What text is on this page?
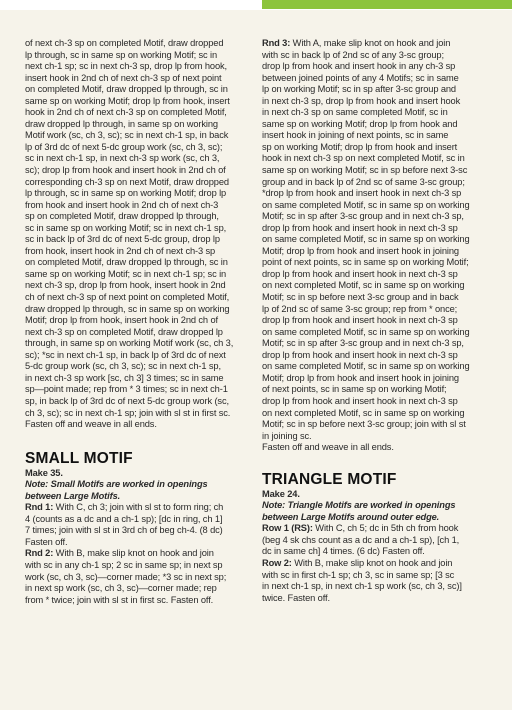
of next ch-3 sp on completed Motif, draw dropped
lp through, sc in same sp on working Motif; sc in
next ch-1 sp; sc in next ch-3 sp, drop lp from hook,
insert hook in 2nd ch of next ch-3 sp of next point
on completed Motif, draw dropped lp through, sc in
same sp on working Motif; drop lp from hook, insert
hook in 2nd ch of next ch-3 sp on completed Motif,
draw dropped lp through, in same sp on working
Motif work (sc, ch 3, sc); sc in next ch-1 sp, in back
lp of 3rd dc of next 5-dc group work (sc, ch 3, sc);
sc in next ch-1 sp, in next ch-3 sp work (sc, ch 3,
sc); drop lp from hook and insert hook in 2nd ch of
corresponding ch-3 sp on next Motif, draw dropped
lp through, sc in same sp on working Motif; drop lp
from hook and insert hook in 2nd ch of next ch-3
sp on completed Motif, draw dropped lp through,
sc in same sp on working Motif; sc in next ch-1 sp,
sc in back lp of 3rd dc of next 5-dc group, drop lp
from hook, insert hook in 2nd ch of next ch-3 sp
on completed Motif, draw dropped lp through, sc in
same sp on working Motif; sc in next ch-1 sp; sc in
next ch-3 sp, drop lp from hook, insert hook in 2nd
ch of next ch-3 sp of next point on completed Motif,
draw dropped lp through, sc in same sp on working
Motif; drop lp from hook, insert hook in 2nd ch of
next ch-3 sp on completed Motif, draw dropped lp
through, in same sp on working Motif work (sc, ch 3,
sc); *sc in next ch-1 sp, in back lp of 3rd dc of next
5-dc group work (sc, ch 3, sc); sc in next ch-1 sp,
in next ch-3 sp work [sc, ch 3] 3 times; sc in same
sp—point made; rep from * 3 times; sc in next ch-1
sp, in back lp of 3rd dc of next 5-dc group work (sc,
ch 3, sc); sc in next ch-1 sp; join with sl st in first sc.
Fasten off and weave in all ends.
SMALL MOTIF

Make 35.

Note: Small Motifs are worked in openings
between Large Motifs.
Rnd 1: With C, ch 3; join with sl st to form ring; ch
4 (counts as a dc and a ch-1 sp); [dc in ring, ch 1]
7 times; join with sl st in 3rd ch of beg ch-4. (8 dc)
Fasten off.
Rnd 2: With B, make slip knot on hook and join
with sc in any ch-1 sp; 2 sc in same sp; in next sp
work (sc, ch 3, sc)—corner made; *3 sc in next sp;
in next sp work (sc, ch 3, sc)—corner made; rep
from * twice; join with sl st in first sc. Fasten off.
Rnd 3: With A, make slip knot on hook and join
with sc in back lp of 2nd sc of any 3-sc group;
drop lp from hook and insert hook in any ch-3 sp
between joined points of any 4 Motifs; sc in same
lp on working Motif; sc in sp after 3-sc group and
in next ch-3 sp, drop lp from hook and insert hook
in next ch-3 sp on same completed Motif, sc in
same sp on working Motif; drop lp from hook and
insert hook in joining of next points, sc in same
sp on working Motif; drop lp from hook and insert
hook in next ch-3 sp on next completed Motif, sc in
same sp on working Motif; sc in sp before next 3-sc
group and in back lp of 2nd sc of same 3-sc group;
*drop lp from hook and insert hook in next ch-3 sp
on same completed Motif, sc in same sp on working
Motif; sc in sp after 3-sc group and in next ch-3 sp,
drop lp from hook and insert hook in next ch-3 sp
on same completed Motif, sc in same sp on working
Motif; drop lp from hook and insert hook in joining
point of next points, sc in same sp on working Motif;
drop lp from hook and insert hook in next ch-3 sp
on next completed Motif, sc in same sp on working
Motif; sc in sp before next 3-sc group and in back
lp of 2nd sc of same 3-sc group; rep from * once;
drop lp from hook and insert hook in next ch-3 sp
on same completed Motif, sc in same sp on working
Motif; sc in sp after 3-sc group and in next ch-3 sp,
drop lp from hook and insert hook in next ch-3 sp
on same completed Motif, sc in same sp on working
Motif; drop lp from hook and insert hook in joining
of next points, sc in same sp on working Motif;
drop lp from hook and insert hook in next ch-3 sp
on next completed Motif, sc in same sp on working
Motif; sc in sp before next 3-sc group; join with sl st
in joining sc.
Fasten off and weave in all ends.
TRIANGLE MOTIF

Make 24.

Note: Triangle Motifs are worked in openings
between Large Motifs around outer edge.
Row 1 (RS): With C, ch 5; dc in 5th ch from hook
(beg 4 sk chs count as a dc and a ch-1 sp), [ch 1,
dc in same ch] 4 times. (6 dc) Fasten off.
Row 2: With B, make slip knot on hook and join
with sc in first ch-1 sp; ch 3, sc in same sp; [3 sc
in next ch-1 sp, in next ch-1 sp work (sc, ch 3, sc)]
twice. Fasten off.
